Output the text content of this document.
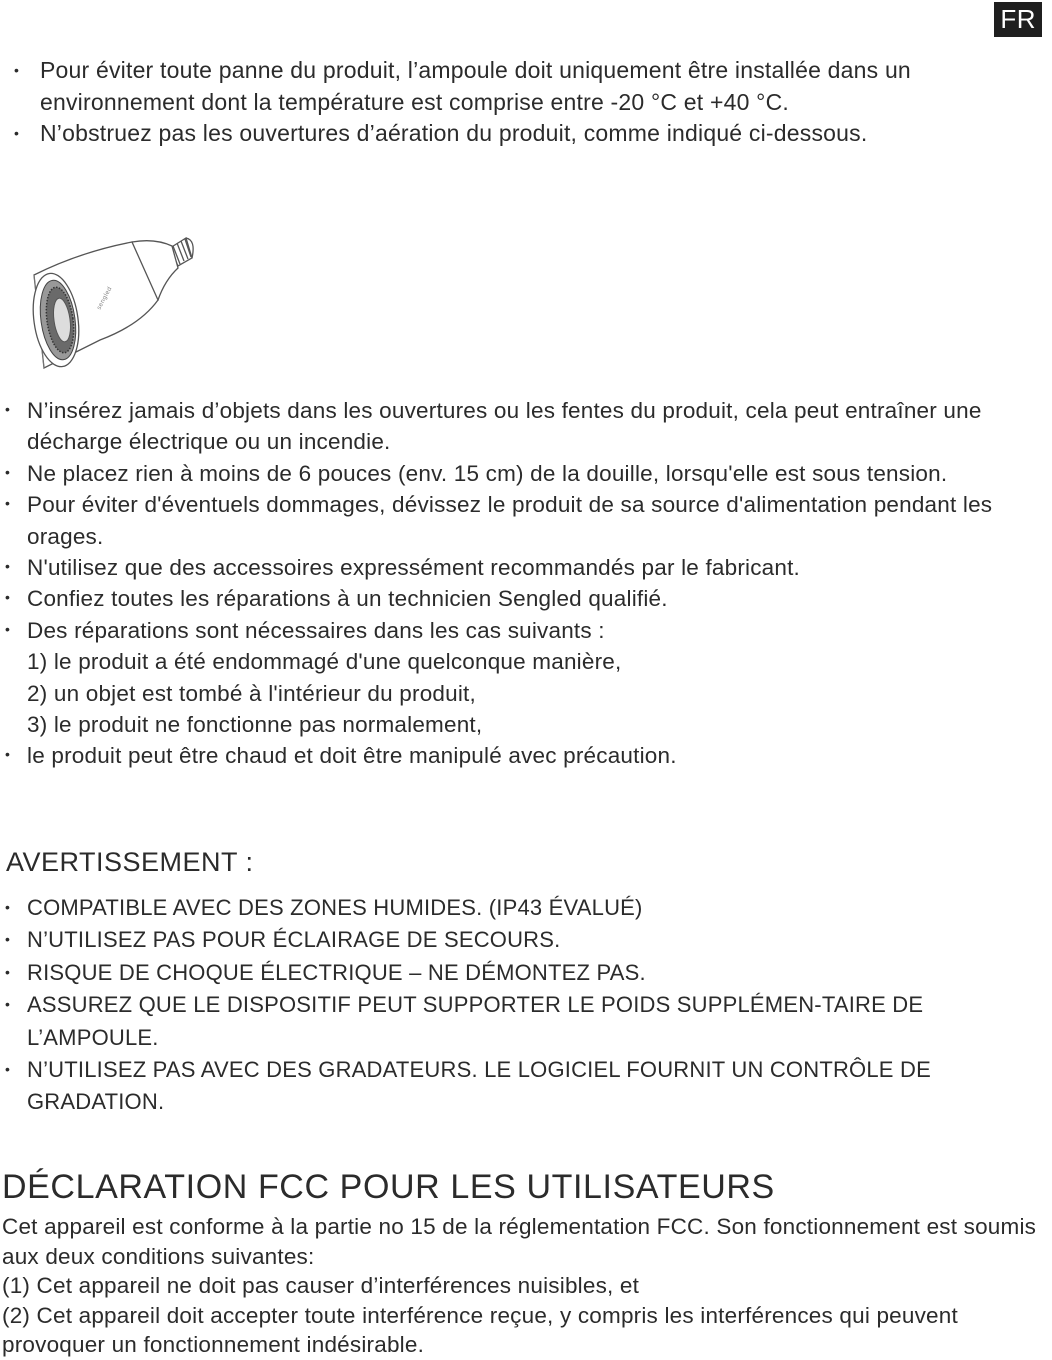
FR
• Pour éviter toute panne du produit, l’ampoule doit uniquement être installée dans un environnement dont la température est comprise entre -20 °C et +40 °C.
• N’obstruez pas les ouvertures d’aération du produit, comme indiqué ci-dessous.
sengled
• N’insérez jamais d’objets dans les ouvertures ou les fentes du produit, cela peut entraîner une décharge électrique ou un incendie.
• Ne placez rien à moins de 6 pouces (env. 15 cm) de la douille, lorsqu'elle est sous tension.
• Pour éviter d'éventuels dommages, dévissez le produit de sa source d'alimentation pendant les orages.
• N'utilisez que des accessoires expressément recommandés par le fabricant.
• Confiez toutes les réparations à un technicien Sengled qualifié.
• Des réparations sont nécessaires dans les cas suivants :
1) le produit a été endommagé d'une quelconque manière,
2) un objet est tombé à l'intérieur du produit,
3) le produit ne fonctionne pas normalement,
• le produit peut être chaud et doit être manipulé avec précaution.
AVERTISSEMENT :
• COMPATIBLE AVEC DES ZONES HUMIDES. (IP43 ÉVALUÉ)
• N’UTILISEZ PAS POUR ÉCLAIRAGE DE SECOURS.
• RISQUE DE CHOQUE ÉLECTRIQUE – NE DÉMONTEZ PAS.
• ASSUREZ QUE LE DISPOSITIF PEUT SUPPORTER LE POIDS SUPPLÉMEN-TAIRE DE L’AMPOULE.
• N’UTILISEZ PAS AVEC DES GRADATEURS. LE LOGICIEL FOURNIT UN CONTRÔLE DE GRADATION.
DÉCLARATION FCC POUR LES UTILISATEURS

Cet appareil est conforme à la partie no 15 de la réglementation FCC. Son fonctionnement est soumis aux deux conditions suivantes:

(1) Cet appareil ne doit pas causer d’interférences nuisibles, et

(2) Cet appareil doit accepter toute interférence reçue, y compris les interférences qui peuvent provoquer un fonctionnement indésirable.
